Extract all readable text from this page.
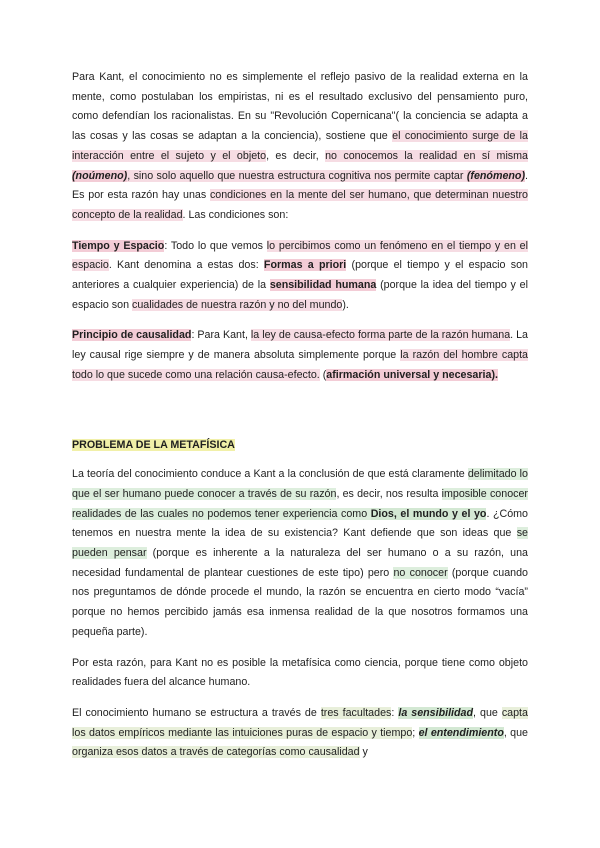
Para Kant, el conocimiento no es simplemente el reflejo pasivo de la realidad externa en la mente, como postulaban los empiristas, ni es el resultado exclusivo del pensamiento puro, como defendían los racionalistas. En su "Revolución Copernicana"( la conciencia se adapta a las cosas y las cosas se adaptan a la conciencia), sostiene que el conocimiento surge de la interacción entre el sujeto y el objeto, es decir, no conocemos la realidad en sí misma (noúmeno), sino solo aquello que nuestra estructura cognitiva nos permite captar (fenómeno). Es por esta razón hay unas condiciones en la mente del ser humano, que determinan nuestro concepto de la realidad. Las condiciones son:

Tiempo y Espacio: Todo lo que vemos lo percibimos como un fenómeno en el tiempo y en el espacio. Kant denomina a estas dos: Formas a priori (porque el tiempo y el espacio son anteriores a cualquier experiencia) de la sensibilidad humana (porque la idea del tiempo y el espacio son cualidades de nuestra razón y no del mundo).

Principio de causalidad: Para Kant, la ley de causa-efecto forma parte de la razón humana. La ley causal rige siempre y de manera absoluta simplemente porque la razón del hombre capta todo lo que sucede como una relación causa-efecto. (afirmación universal y necesaria).

PROBLEMA DE LA METAFÍSICA

La teoría del conocimiento conduce a Kant a la conclusión de que está claramente delimitado lo que el ser humano puede conocer a través de su razón, es decir, nos resulta imposible conocer realidades de las cuales no podemos tener experiencia como Dios, el mundo y el yo. ¿Cómo tenemos en nuestra mente la idea de su existencia? Kant defiende que son ideas que se pueden pensar (porque es inherente a la naturaleza del ser humano o a su razón, una necesidad fundamental de plantear cuestiones de este tipo) pero no conocer (porque cuando nos preguntamos de dónde procede el mundo, la razón se encuentra en cierto modo “vacía” porque no hemos percibido jamás esa inmensa realidad de la que nosotros formamos una pequeña parte).

Por esta razón, para Kant no es posible la metafísica como ciencia, porque tiene como objeto realidades fuera del alcance humano.

El conocimiento humano se estructura a través de tres facultades: la sensibilidad, que capta los datos empíricos mediante las intuiciones puras de espacio y tiempo; el entendimiento, que organiza esos datos a través de categorías como causalidad y
